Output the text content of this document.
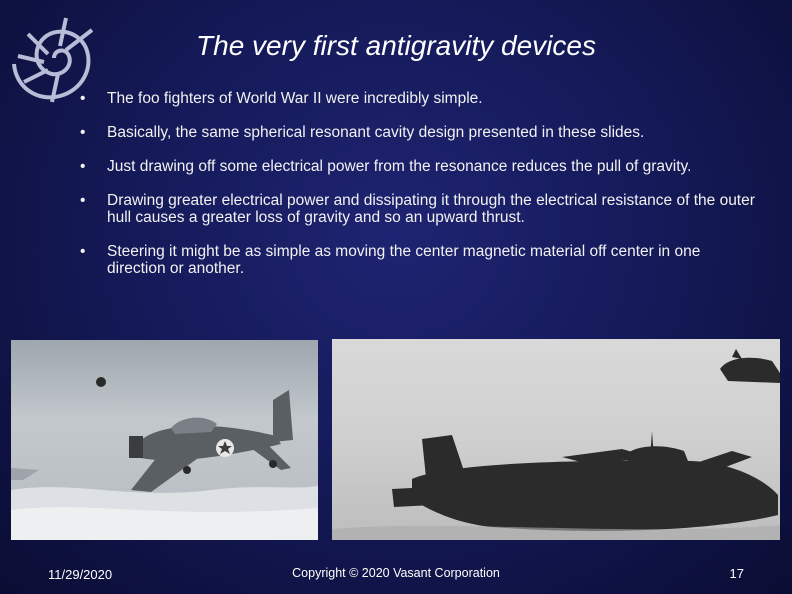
The very first antigravity devices
• The foo fighters of World War II were incredibly simple.
• Basically, the same spherical resonant cavity design presented in these slides.
• Just drawing off some electrical power from the resonance reduces the pull of gravity.
• Drawing greater electrical power and dissipating it through the electrical resistance of the outer hull causes a greater loss of gravity and so an upward thrust.
• Steering it might be as simple as moving the center magnetic material off center in one direction or another.
11/29/2020	Copyright © 2020 Vasant Corporation	17
